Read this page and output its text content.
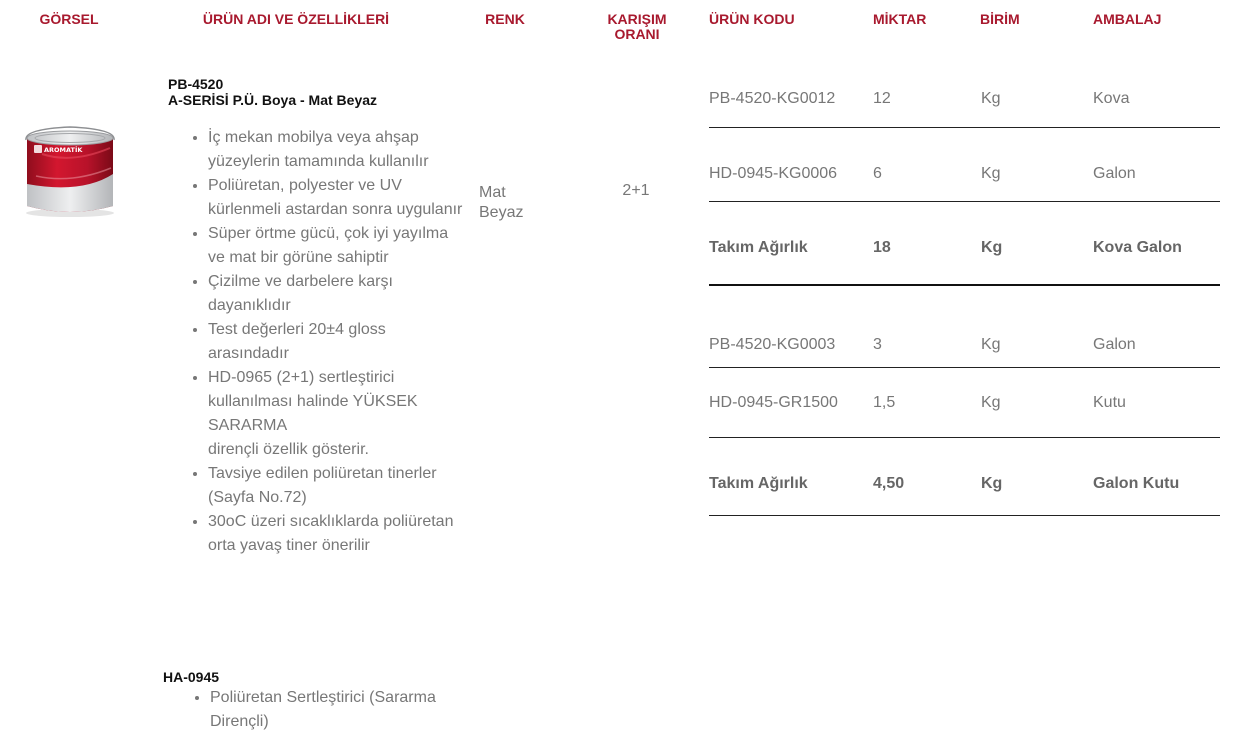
GÖRSEL	ÜRÜN ADI VE ÖZELLİKLERİ	RENK	KARIŞIM
ORANI
ÜRÜN KODU	MİKTAR	BİRİM	AMBALAJ
AROMATİK
PB-4520
A-SERİSİ P.Ü. Boya - Mat Beyaz
• İç mekan mobilya veya ahşap yüzeylerin tamamında kullanılır
• Poliüretan, polyester ve UV kürlenmeli astardan sonra uygulanır
• Süper örtme gücü, çok iyi yayılma ve mat bir görüne sahiptir
• Çizilme ve darbelere karşı dayanıklıdır
• Test değerleri 20±4 gloss arasındadır
• HD-0965 (2+1) sertleştirici kullanılması halinde YÜKSEK SARARMA
dirençli özellik gösterir.
• Tavsiye edilen poliüretan tinerler (Sayfa No.72)
• 30oC üzeri sıcaklıklarda poliüretan orta yavaş tiner önerilir
HA-0945
• Poliüretan Sertleştirici (Sararma Dirençli)
Mat
Beyaz
2+1
PB-4520-KG0012 12	Kg	Kova
HD-0945-KG0006 6	Kg	Galon
Takım Ağırlık	18	Kg	Kova Galon
PB-4520-KG0003 3	Kg	Galon
HD-0945-GR1500 1,5	Kg	Kutu
Takım Ağırlık	4,50	Kg	Galon Kutu
